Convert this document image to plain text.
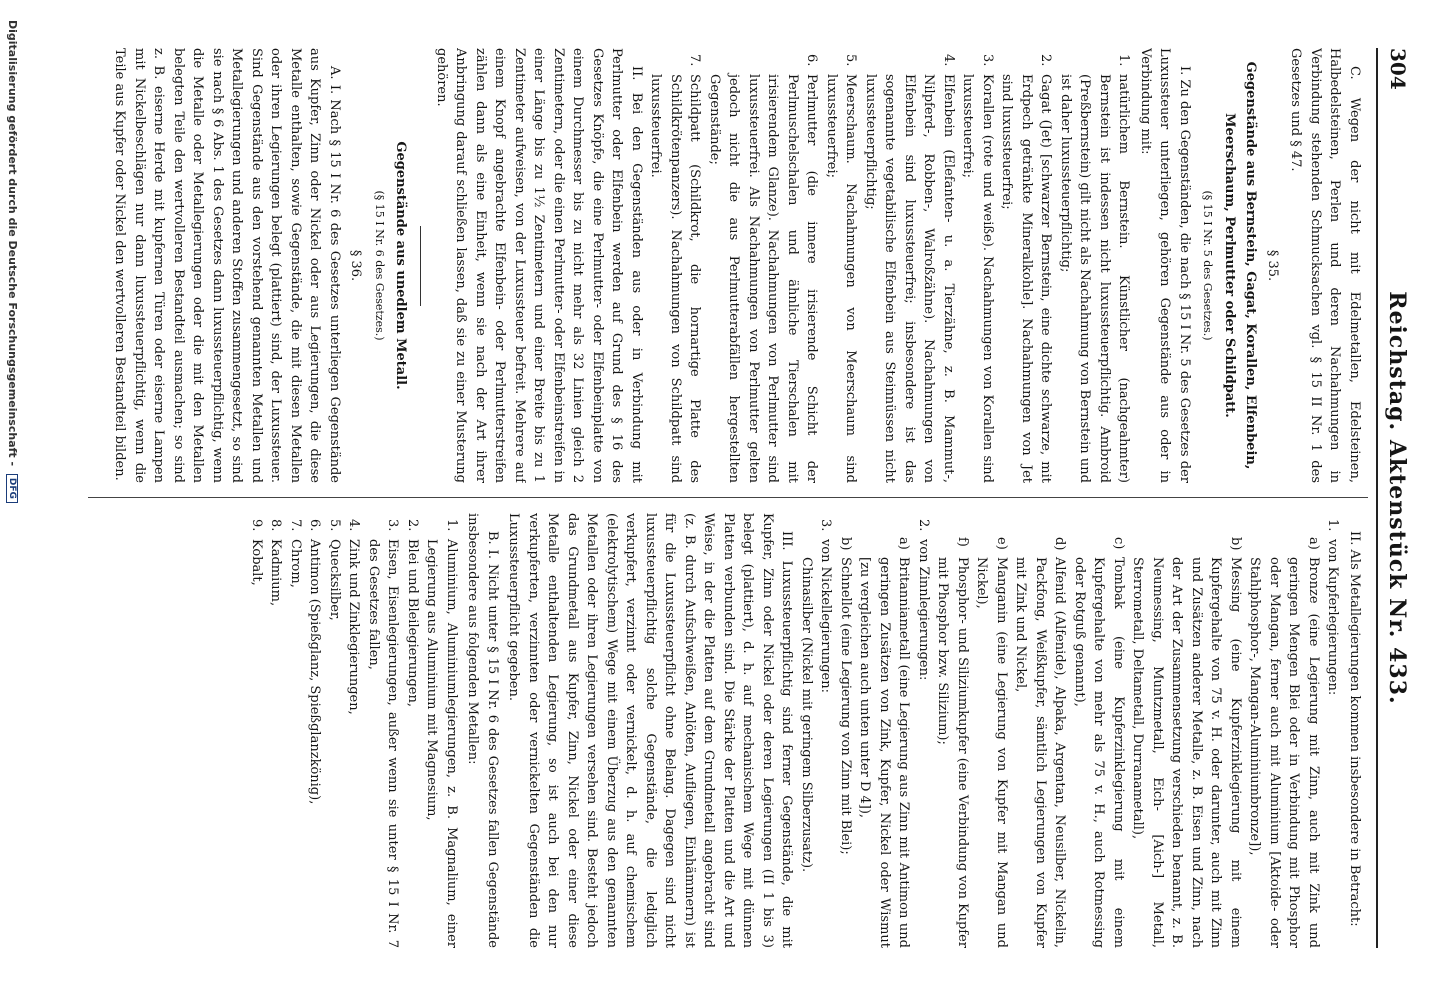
304
Reichstag. Aktenstück Nr. 433.

C. Wegen der nicht mit Edelmetallen, Edelsteinen, Halbedelsteinen, Perlen und deren Nachahmungen in Verbindung stehenden Schmucksachen vgl. § 15 II Nr. 1 des Gesetzes und § 47.

§ 35.
Gegenstände aus Bernstein, Gagat, Korallen, Elfenbein,
Meerschaum, Perlmutter oder Schildpatt.
(§ 15 I Nr. 5 des Gesetzes.)

I. Zu den Gegenständen, die nach § 15 I Nr. 5 des Gesetzes der Luxussteuer unterliegen, gehören Gegenstände aus oder in Verbindung mit:

1.
natürlichem Bernstein. Künstlicher (nachgeahmter) Bernstein ist indessen nicht luxussteuerpflichtig. Ambroid (Preßbernstein) gilt nicht als Nachahmung von Bernstein und ist daher luxussteuerpflichtig;
2.
Gagat (Jet) [schwarzer Bernstein, eine dichte schwarze, mit Erdpech getränkte Mineralkohle]. Nachahmungen von Jet sind luxussteuerfrei;
3.
Korallen (rote und weiße). Nachahmungen von Korallen sind luxussteuerfrei;
4.
Elfenbein (Elefanten- u. a. Tierzähne, z. B. Mammut-, Nilpferd-, Robben-, Walroßzähne). Nachahmungen von Elfenbein sind luxussteuerfrei; insbesondere ist das sogenannte vegetabilische Elfenbein aus Steinnüssen nicht luxussteuerpflichtig;
5.
Meerschaum. Nachahmungen von Meerschaum sind luxussteuerfrei;
6.
Perlmutter (die innere irisierende Schicht der Perlmuschelschalen und ähnliche Tierschalen mit irisierendem Glanze). Nachahmungen von Perlmutter sind luxussteuerfrei. Als Nachahmungen von Perlmutter gelten jedoch nicht die aus Perlmutterabfällen hergestellten Gegenstände;
7.
Schildpatt (Schildkrot, die hornartige Platte des Schildkrötenpanzers). Nachahmungen von Schildpatt sind luxussteuerfrei.

II. Bei den Gegenständen aus oder in Verbindung mit Perlmutter oder Elfenbein werden auf Grund des § 16 des Gesetzes Knöpfe, die eine Perlmutter- oder Elfenbeinplatte von einem Durchmesser bis zu nicht mehr als 32 Linien gleich 2 Zentimetern, oder die einen Perlmutter- oder Elfenbeinstreifen in einer Länge bis zu 1½ Zentimetern und einer Breite bis zu 1 Zentimeter aufweisen, von der Luxussteuer befreit. Mehrere auf einem Knopf angebrachte Elfenbein- oder Perlmutterstreifen zählen dann als eine Einheit, wenn sie nach der Art ihrer Anbringung darauf schließen lassen, daß sie zu einer Musterung gehören.

Gegenstände aus unedlem Metall.
(§ 15 I Nr. 6 des Gesetzes.)
§ 36.

A. I. Nach § 15 I Nr. 6 des Gesetzes unterliegen Gegenstände aus Kupfer, Zinn oder Nickel oder aus Legierungen, die diese Metalle enthalten, sowie Gegenstände, die mit diesen Metallen oder ihren Legierungen belegt (plattiert) sind, der Luxussteuer. Sind Gegenstände aus den vorstehend genannten Metallen und Metallegierungen und anderen Stoffen zusammengesetzt, so sind sie nach § 6 Abs. 1 des Gesetzes dann luxussteuerpflichtig, wenn die Metalle oder Metallegierungen oder die mit den Metallen belegten Teile den wertvolleren Bestandteil ausmachen; so sind z. B. eiserne Herde mit kupfernen Türen oder eiserne Lampen mit Nickelbeschlägen nur dann luxussteuerpflichtig, wenn die Teile aus Kupfer oder Nickel den wertvolleren Bestandteil bilden.

II. Als Metallegierungen kommen insbesondere in Betracht:

1.
von Kupferlegierungen:
a)
Bronze (eine Legierung mit Zinn, auch mit Zink und geringen Mengen Blei oder in Verbindung mit Phosphor oder Mangan, ferner auch mit Aluminium [Aktoide- oder Stahlphosphor-, Mangan-Aluminiumbronze]),
b)
Messing (eine Kupferzinklegierung mit einem Kupfergehalte von 75 v. H. oder darunter, auch mit Zinn und Zusätzen anderer Metalle, z. B. Eisen und Zinn, nach der Art der Zusammensetzung verschieden benannt, z. B. Neumessing, Muntzmetall, Eich- [Aich-] Metall, Sterrometall, Deltametall, Durranametall),
c)
Tombak (eine Kupferzinklegierung mit einem Kupfergehalte von mehr als 75 v. H., auch Rotmessing oder Rotguß genannt),
d)
Alfenid (Alfenide), Alpaka, Argentan, Neusilber, Nickelin, Packfong, Weißkupfer, sämtlich Legierungen von Kupfer mit Zink und Nickel,
e)
Manganin (eine Legierung von Kupfer mit Mangan und Nickel),
f)
Phosphor- und Siliziumkupfer (eine Verbindung von Kupfer mit Phosphor bzw. Silizium);
2.
von Zinnlegierungen:
a)
Britanniametall (eine Legierung aus Zinn mit Antimon und geringen Zusätzen von Zink, Kupfer, Nickel oder Wismut [zu vergleichen auch unten unter D 4]),
b)
Schnellot (eine Legierung von Zinn mit Blei);
3.
von Nickellegierungen:
Chinasilber (Nickel mit geringem Silberzusatz).

III. Luxussteuerpflichtig sind ferner Gegenstände, die mit Kupfer, Zinn oder Nickel oder deren Legierungen (II 1 bis 3) belegt (plattiert), d. h. auf mechanischem Wege mit dünnen Platten verbunden sind. Die Stärke der Platten und die Art und Weise, in der die Platten auf dem Grundmetall angebracht sind (z. B. durch Aufschweißen, Anlöten, Aufliegen, Einhämmern) ist für die Luxussteuerpflicht ohne Belang. Dagegen sind nicht luxussteuerpflichtig solche Gegenstände, die lediglich verkupfert, verzinnt oder vernickelt, d. h. auf chemischem (elektrolytischem) Wege mit einem Überzug aus den genannten Metallen oder ihren Legierungen versehen sind. Besteht jedoch das Grundmetall aus Kupfer, Zinn, Nickel oder einer diese Metalle enthaltenden Legierung, so ist auch bei den nur verkupferten, verzinnten oder vernickelten Gegenständen die Luxussteuerpflicht gegeben.

B. I. Nicht unter § 15 I Nr. 6 des Gesetzes fallen Gegenstände insbesondere aus folgenden Metallen:

1.
Aluminium, Aluminiumlegierungen, z. B. Magnalium, einer Legierung aus Aluminium mit Magnesium,
2.
Blei und Bleilegierungen,
3.
Eisen, Eisenlegierungen, außer wenn sie unter § 15 I Nr. 7 des Gesetzes fallen,
4.
Zink und Zinklegierungen,
5.
Quecksilber,
6.
Antimon (Spießglanz, Spießglanzkönig),
7.
Chrom,
8.
Kadmium,
9.
Kobalt,
Digitalisierung gefördert durch die Deutsche Forschungsgemeinschaft - DFG
